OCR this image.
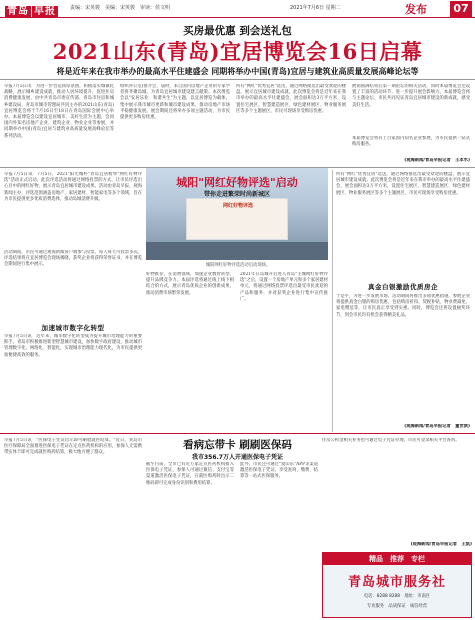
青岛 早报	责编：宋英骏　美编：宋英骏　审读：侯文明	2021年7月6日 星期二	发布	07
买房最优惠 到会送礼包
2021山东(青岛)宜居博览会16日启幕
将是近年来在我市举办的最高水平住建盛会 同期将举办中国(青岛)宜居与建筑业高质量发展高峰论坛等
早报7月5日讯　为进一步营造浓厚氛围，积极落实城镇化战略，展示城乡建设成就，推动人居环境提升，促进住房消费健康发展，由中共青岛市委宣传部、青岛市住房和城乡建设局、青岛市城市管理局共同主办的2021山东(青岛)宜居博览会将于7月16日至18日在青岛国际会展中心举办。本届博览会以建设宜居城市，美好生活为主题，会同国内外知名房地产企业、建筑企业、物业企业等参展，并同期举办中国(青岛)宜居与建筑业高质量发展高峰论坛等系列活动。
组织办公室)推介会，届时，来自国内房地产企业的专家学者将齐聚岛城，为青岛宜居城市建设建言献策。本次博览会以"安居乐业　和谐共生"为主题，以宜居博览为载体，集中展示我市城市更新和城市建设成果，推动房地产市场平稳健康发展。展会期间还将举办多项主题活动，为市民提供更多购房优惠。
所有"网红"优秀宜居"选送，通过网络推选出最受欢迎的楼盘，展示宜居城市建设成就。此次博览会将是近年来在我市举办的最高水平住建盛会，展会面积达3万平方米，设置住宅展区、智慧建造展区、绿色建材展区、物业服务展区等多个主题展区，市民可现场享受购房优惠。
展销圆满结束后第一期论坛的相关活动，同时本届博览会还设置了丰富的活动环节，进一步提升展会影响力。本届博览会将与主题论坛、市民共同见证青岛宜居城市建设的新成就，感受美好生活。
本届博览会将有上百家国内知名企业参展，为市民提供一站式购房服务。
(观海新闻/青岛早报记者　王本水)
早报7月5日讯　7月5日，2021"阳光城杯"青岛宜居榜单"网红好物评选"活动正式启动。此次评选活动将通过网络投票的方式，让市民评选出心目中的网红好物，展示青岛宜居城市建设成果。活动由青岛早报、观海新闻主办，评选范围涵盖房地产、家居建材、智能家电等多个领域，旨在为市民提供更多优质消费选择，推动岛城消费升级。
活动期间，市民可通过观海新闻客户端参与投票，每人每天可投票多次。评选结果将在宜居博览会现场揭晓，获奖企业将获得荣誉证书，并在博览会期间进行集中展示。
加速城市数字化转型
早报7月5日讯　近年来，城市数字化转型成为提升城市治理能力的重要抓手。青岛市积极推进新型智慧城市建设，加快数字政府建设，推动城市管理数字化、网络化、智能化，实现城市治理能力现代化，为市民提供更加便捷高效的服务。
城阳"网红好物评选"启动
带你走进繁荣时尚新城区
网红好物评选
城阳网红好物评选活动启动现场。
好物推荐，在消费领域，加速企业数智转型，提升品牌竞争力。本届评选将通过线上线下相结合的方式，展示青岛优质企业的创新成果，推动消费市场繁荣发展。
2021年在岛城开启进入青岛"主城网红好物评选"之后，设置一个房地产单元和多个家居建材单元，将通过网络投票评选出最受市民欢迎的产品和服务，并对获奖企业进行集中宣传推广。
真金白银激励优质房企
所有"网红"优秀宜居"选送，通过网络推选出最受欢迎的楼盘，展示宜居城市建设成就。此次博览会将是近年来在我市举办的最高水平住建盛会，展会面积达3万平方米，设置住宅展区、智慧建造展区、绿色建材展区、物业服务展区等多个主题展区，市民可现场享受购房优惠。
于是乎，为进一步发展市场，活动期间将推出多项优惠措施，参展企业将提供真金白银的购房优惠，包括购房折扣、契税补贴、物业费减免、家电赠送等，让市民真正享受到实惠。同时，博览会还将设置抽奖环节，到会市民均有机会获得精美礼品。
(观海新闻/青岛早报记者　董世滨)
看病忘带卡 刷刷医保码
我市356.7万人开通医保电子凭证
早报7月5日讯　"医保电子凭证出示即可刷脸就医结算。"近日，青岛市医疗保障局全面推进医保电子凭证在定点医药机构的应用，参保人无需携带实体卡即可完成就医购药结算，极大地方便了群众。
截至目前，全市已有近万家定点医药机构接入医保电子凭证，参保人可通过微信、支付宝等渠道激活医保电子凭证，在就医购药时出示二维码即可完成身份识别和费用结算。
此外，市民还可通过"爱山东"APP等渠道激活医保电子凭证，享受查询、缴费、结算等一站式医保服务。
住房公积金相关业务也可通过电子凭证办理，市民可登录相关平台查询。
(观海新闻/青岛早报记者　王凯)
精品　推荐　专栏
青岛城市服务社
电话：8288 8288　地址：市南区
专业服务　品质保证　诚信经营
